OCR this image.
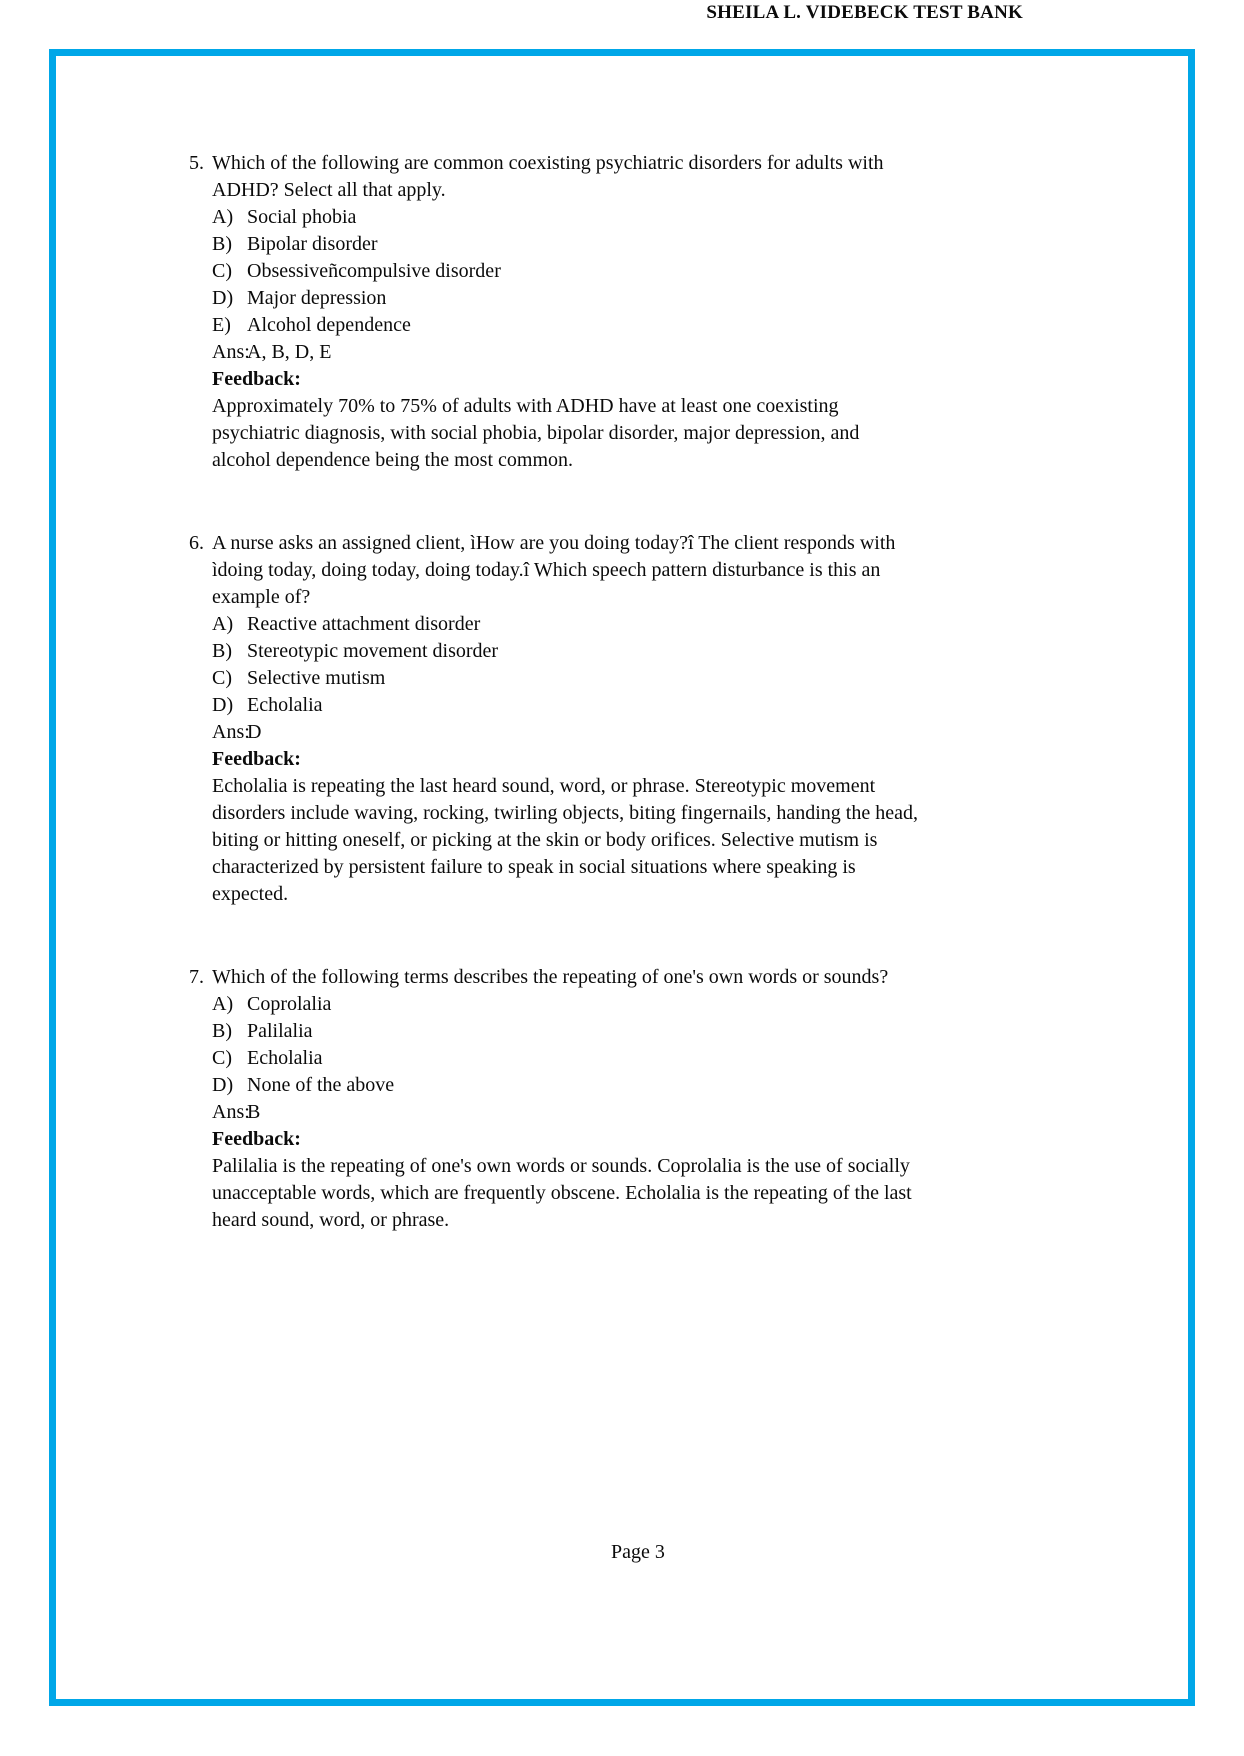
SHEILA L. VIDEBECK TEST BANK
5. Which of the following are common coexisting psychiatric disorders for adults with
ADHD? Select all that apply.
A) Social phobia
B) Bipolar disorder
C) Obsessiveñcompulsive disorder
D) Major depression
E) Alcohol dependence
Ans:
A, B, D, E
Feedback:
Approximately 70% to 75% of adults with ADHD have at least one coexisting
psychiatric diagnosis, with social phobia, bipolar disorder, major depression, and
alcohol dependence being the most common.
6. A nurse asks an assigned client, ìHow are you doing today?î The client responds with
ìdoing today, doing today, doing today.î Which speech pattern disturbance is this an
example of?
A) Reactive attachment disorder
B) Stereotypic movement disorder
C) Selective mutism
D) Echolalia
Ans:
D
Feedback:
Echolalia is repeating the last heard sound, word, or phrase. Stereotypic movement
disorders include waving, rocking, twirling objects, biting fingernails, handing the head,
biting or hitting oneself, or picking at the skin or body orifices. Selective mutism is
characterized by persistent failure to speak in social situations where speaking is
expected.
7. Which of the following terms describes the repeating of one's own words or sounds?
A) Coprolalia
B) Palilalia
C) Echolalia
D) None of the above
Ans:
B
Feedback:
Palilalia is the repeating of one's own words or sounds. Coprolalia is the use of socially
unacceptable words, which are frequently obscene. Echolalia is the repeating of the last
heard sound, word, or phrase.
Page 3
